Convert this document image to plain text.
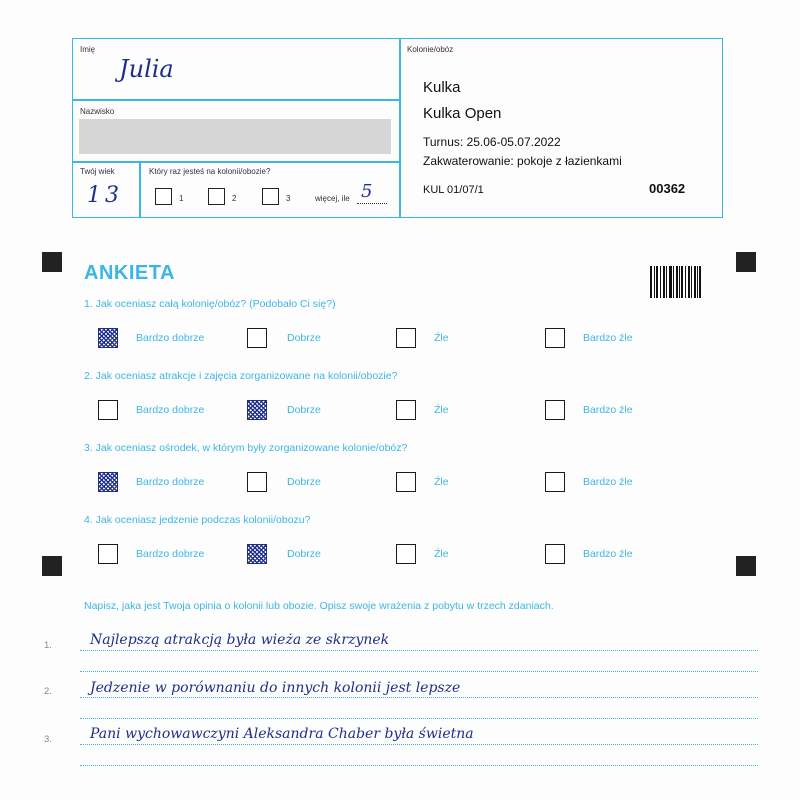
Imię
Julia
Nazwisko
Twój wiek
13
Który raz jesteś na kolonii/obozie?
1	2	3	więcej, ile 5
Kolonie/obóz
Kulka
Kulka Open
Turnus: 25.06-05.07.2022
Zakwaterowanie: pokoje z łazienkami
KUL 01/07/1	00362
ANKIETA
1. Jak oceniasz całą kolonię/obóz? (Podobało Ci się?)
Bardzo dobrze	Dobrze	Źle	Bardzo źle
2. Jak oceniasz atrakcje i zajęcia zorganizowane na kolonii/obozie?
Bardzo dobrze	Dobrze	Źle	Bardzo źle
3. Jak oceniasz ośrodek, w którym były zorganizowane kolonie/obóz?
Bardzo dobrze	Dobrze	Źle	Bardzo źle
4. Jak oceniasz jedzenie podczas kolonii/obozu?
Bardzo dobrze	Dobrze	Źle	Bardzo źle
Napisz, jaka jest Twoja opinia o kolonii lub obozie. Opisz swoje wrażenia z pobytu w trzech zdaniach.
1.	Najlepszą atrakcją była wieża ze skrzynek
2.	Jedzenie w porównaniu do innych kolonii jest lepsze
3.	Pani wychowawczyni Aleksandra Chaber była świetna
